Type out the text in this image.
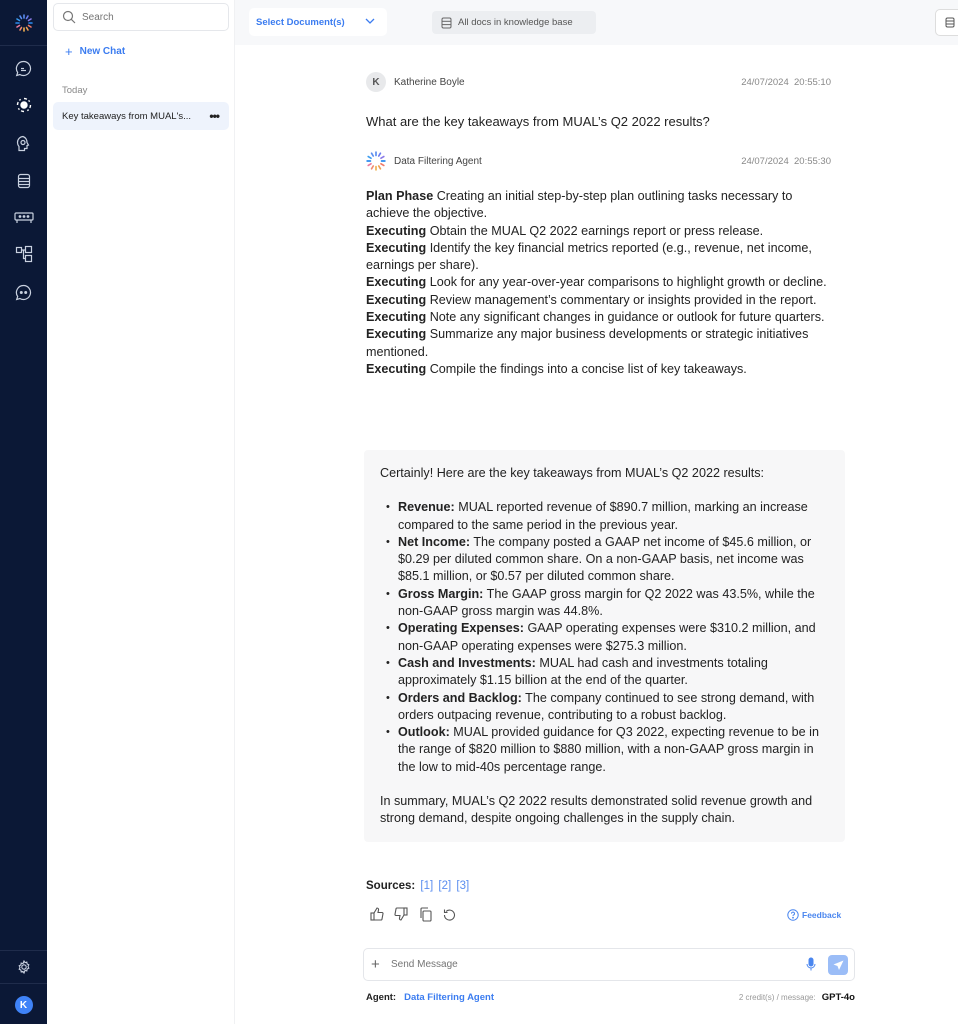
K
Search
+ New Chat
Today
Key takeaways from MUAL's... •••
Select Document(s)	All docs in knowledge base
K	Katherine Boyle	24/07/2024 20:55:10
What are the key takeaways from MUAL’s Q2 2022 results?
Data Filtering Agent	24/07/2024 20:55:30
Plan Phase Creating an initial step-by-step plan outlining tasks necessary to achieve the objective.
Executing Obtain the MUAL Q2 2022 earnings report or press release.
Executing Identify the key financial metrics reported (e.g., revenue, net income, earnings per share).
Executing Look for any year-over-year comparisons to highlight growth or decline.
Executing Review management’s commentary or insights provided in the report.
Executing Note any significant changes in guidance or outlook for future quarters.
Executing Summarize any major business developments or strategic initiatives mentioned.
Executing Compile the findings into a concise list of key takeaways.
Certainly! Here are the key takeaways from MUAL’s Q2 2022 results:
• Revenue: MUAL reported revenue of $890.7 million, marking an increase compared to the same period in the previous year.
• Net Income: The company posted a GAAP net income of $45.6 million, or $0.29 per diluted common share. On a non-GAAP basis, net income was $85.1 million, or $0.57 per diluted common share.
• Gross Margin: The GAAP gross margin for Q2 2022 was 43.5%, while the non-GAAP gross margin was 44.8%.
• Operating Expenses: GAAP operating expenses were $310.2 million, and non-GAAP operating expenses were $275.3 million.
• Cash and Investments: MUAL had cash and investments totaling approximately $1.15 billion at the end of the quarter.
• Orders and Backlog: The company continued to see strong demand, with orders outpacing revenue, contributing to a robust backlog.
• Outlook: MUAL provided guidance for Q3 2022, expecting revenue to be in the range of $820 million to $880 million, with a non-GAAP gross margin in the low to mid-40s percentage range.
In summary, MUAL’s Q2 2022 results demonstrated solid revenue growth and strong demand, despite ongoing challenges in the supply chain.
Sources: [1] [2] [3]
Feedback
+
Send Message
Agent: Data Filtering Agent	2 credit(s) / message: GPT-4o
